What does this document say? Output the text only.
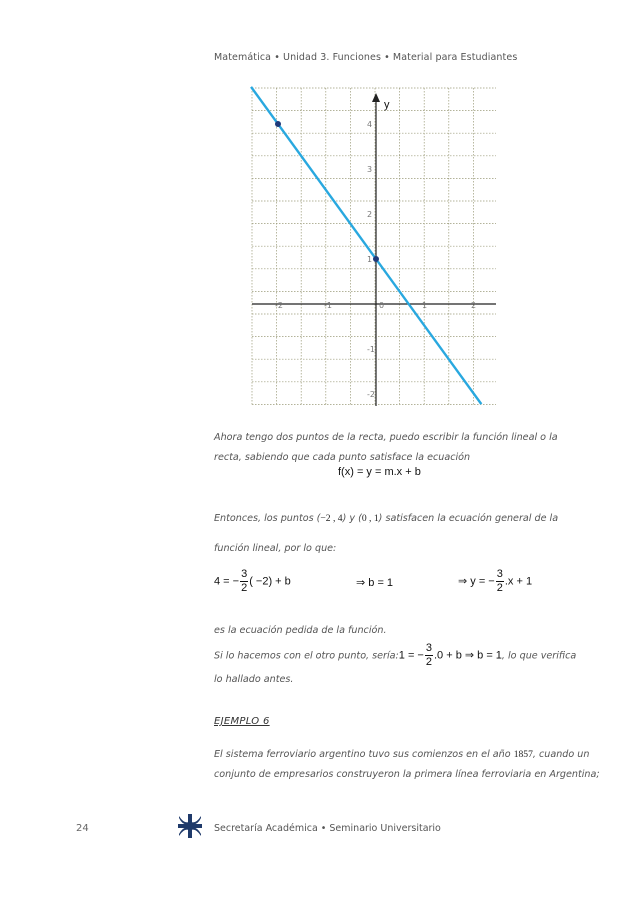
Matemática • Unidad 3. Funciones • Material para Estudiantes
y
-2	-1	0	1	2
4
3
2
1
-1
-2
Ahora tengo dos puntos de la recta, puedo escribir la función lineal o la recta, sabiendo que cada punto satisface la ecuación
f(x) = y = m.x + b
Entonces, los puntos (−2 , 4) y (0 , 1) satisfacen la ecuación general de la
función lineal, por lo que:
4 = − $\frac{3}{2}$ ( −2) + b	⇒ b = 1	⇒ y = − $\frac{3}{2} .x + 1$
es la ecuación pedida de la función.
Si lo hacemos con el otro punto, sería:1 = − $\frac{3}{2} .0 + b$ ⇒ b = 1, lo que verifica
lo hallado antes.
EJEMPLO 6
El sistema ferroviario argentino tuvo sus comienzos en el año 1857, cuando un
conjunto de empresarios construyeron la primera línea ferroviaria en Argentina;
24	Secretaría Académica • Seminario Universitario
